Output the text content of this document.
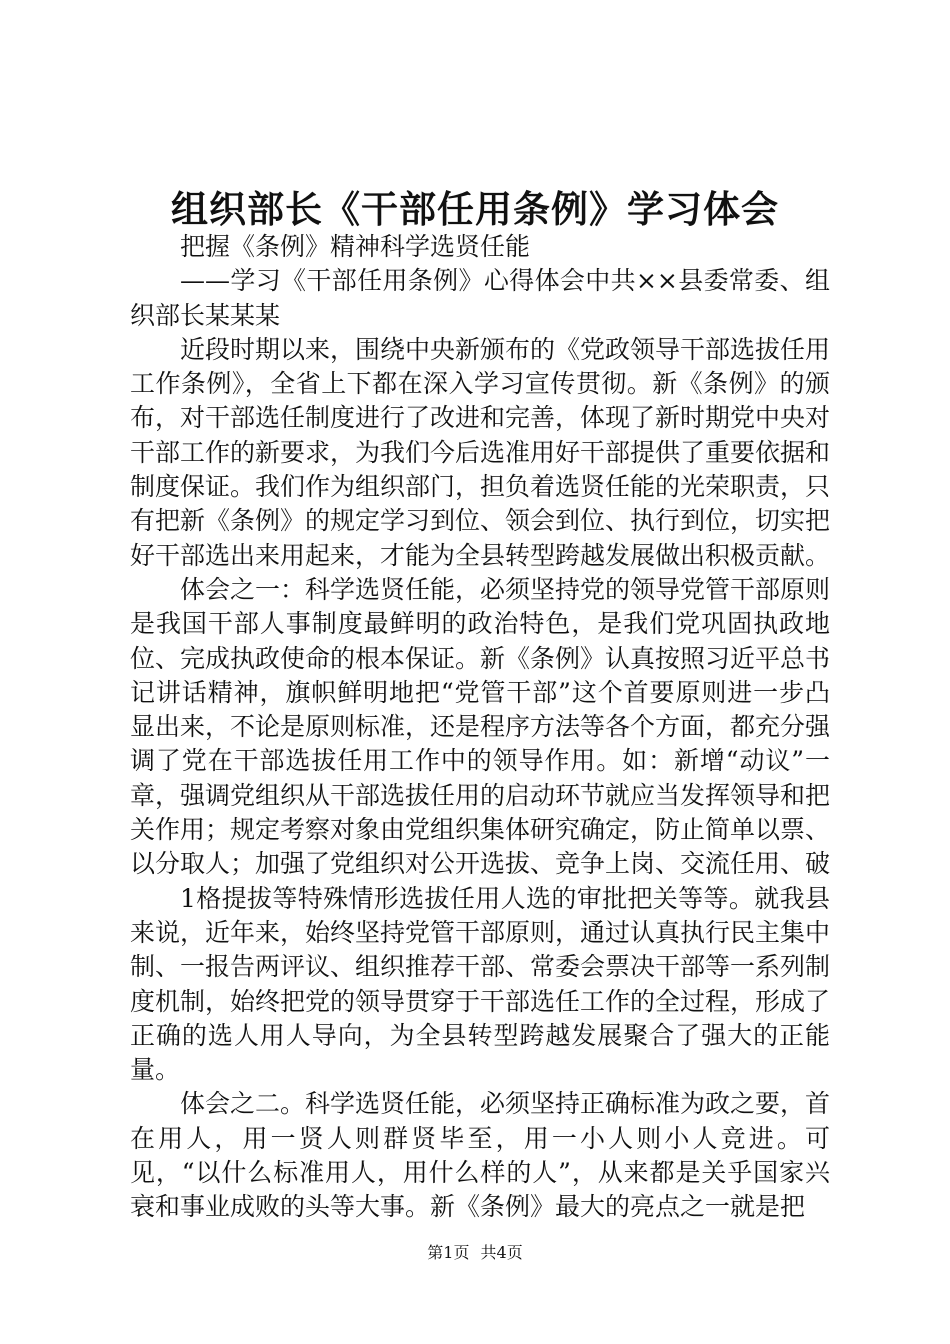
组织部长《干部任用条例》学习体会

把握《条例》精神科学选贤任能

——学习《干部任用条例》心得体会中共××县委常委、组织部长某某某

近段时期以来，围绕中央新颁布的《党政领导干部选拔任用工作条例》，全省上下都在深入学习宣传贯彻。新《条例》的颁布，对干部选任制度进行了改进和完善，体现了新时期党中央对干部工作的新要求，为我们今后选准用好干部提供了重要依据和制度保证。我们作为组织部门，担负着选贤任能的光荣职责，只有把新《条例》的规定学习到位、领会到位、执行到位，切实把好干部选出来用起来，才能为全县转型跨越发展做出积极贡献。

体会之一：科学选贤任能，必须坚持党的领导党管干部原则是我国干部人事制度最鲜明的政治特色，是我们党巩固执政地位、完成执政使命的根本保证。新《条例》认真按照习近平总书记讲话精神，旗帜鲜明地把“党管干部”这个首要原则进一步凸显出来，不论是原则标准，还是程序方法等各个方面，都充分强调了党在干部选拔任用工作中的领导作用。如：新增“动议”一章，强调党组织从干部选拔任用的启动环节就应当发挥领导和把关作用；规定考察对象由党组织集体研究确定，防止简单以票、以分取人；加强了党组织对公开选拔、竞争上岗、交流任用、破

1格提拔等特殊情形选拔任用人选的审批把关等等。就我县来说，近年来，始终坚持党管干部原则，通过认真执行民主集中制、一报告两评议、组织推荐干部、常委会票决干部等一系列制度机制，始终把党的领导贯穿于干部选任工作的全过程，形成了正确的选人用人导向，为全县转型跨越发展聚合了强大的正能量。

体会之二。科学选贤任能，必须坚持正确标准为政之要，首在用人，用一贤人则群贤毕至，用一小人则小人竞进。可见，“以什么标准用人，用什么样的人”，从来都是关乎国家兴衰和事业成败的头等大事。新《条例》最大的亮点之一就是把

第1页 共4页
